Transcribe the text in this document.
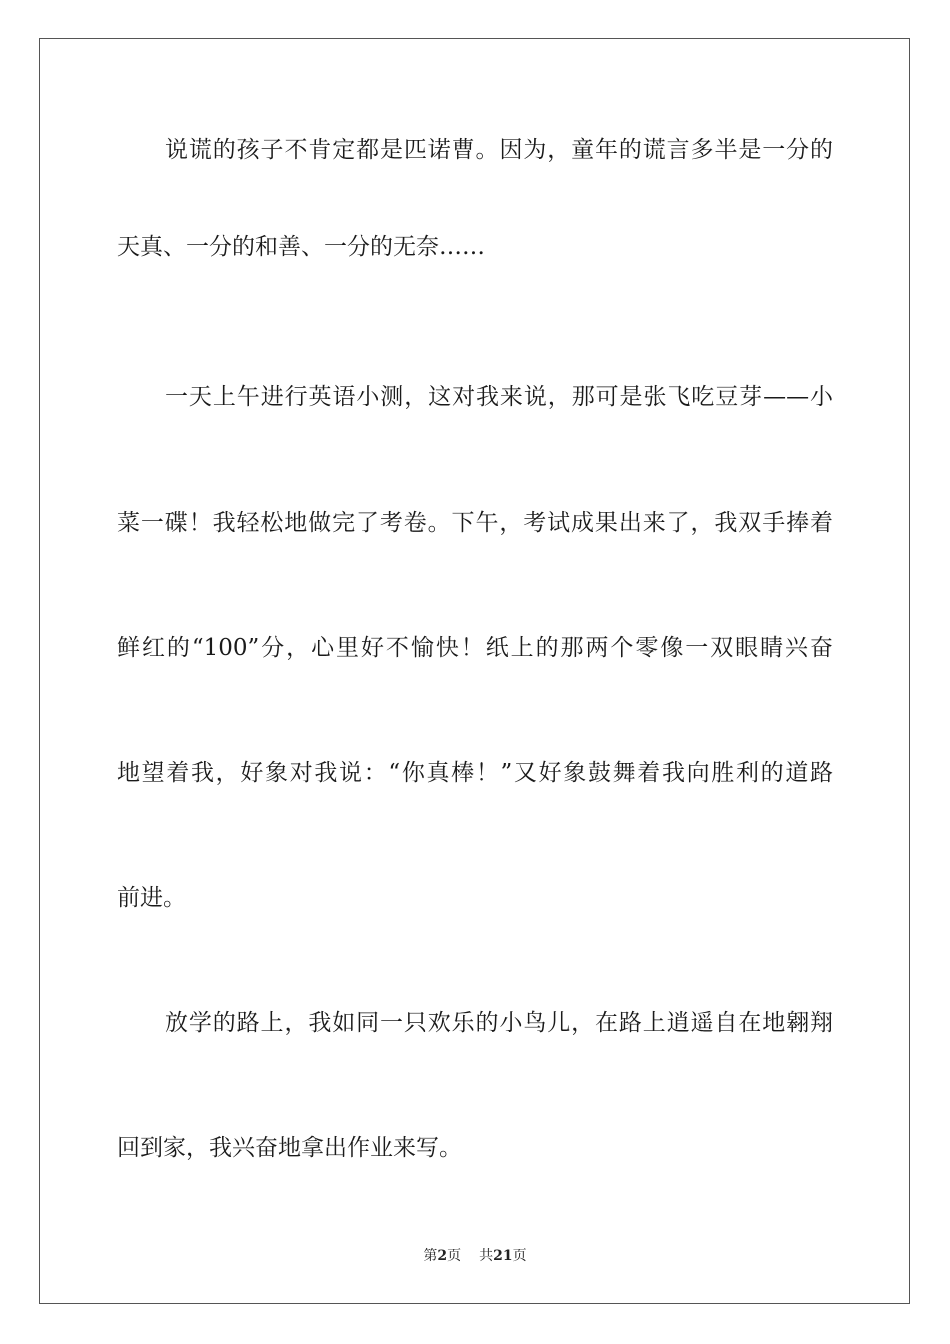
说谎的孩子不肯定都是匹诺曹。因为，童年的谎言多半是一分的
天真、一分的和善、一分的无奈……
一天上午进行英语小测，这对我来说，那可是张飞吃豆芽——小
菜一碟！我轻松地做完了考卷。下午，考试成果出来了，我双手捧着
鲜红的“100”分，心里好不愉快！纸上的那两个零像一双眼睛兴奋
地望着我，好象对我说：“你真棒！”又好象鼓舞着我向胜利的道路
前进。
放学的路上，我如同一只欢乐的小鸟儿，在路上逍遥自在地翱翔
回到家，我兴奋地拿出作业来写。
第2页 共21页
